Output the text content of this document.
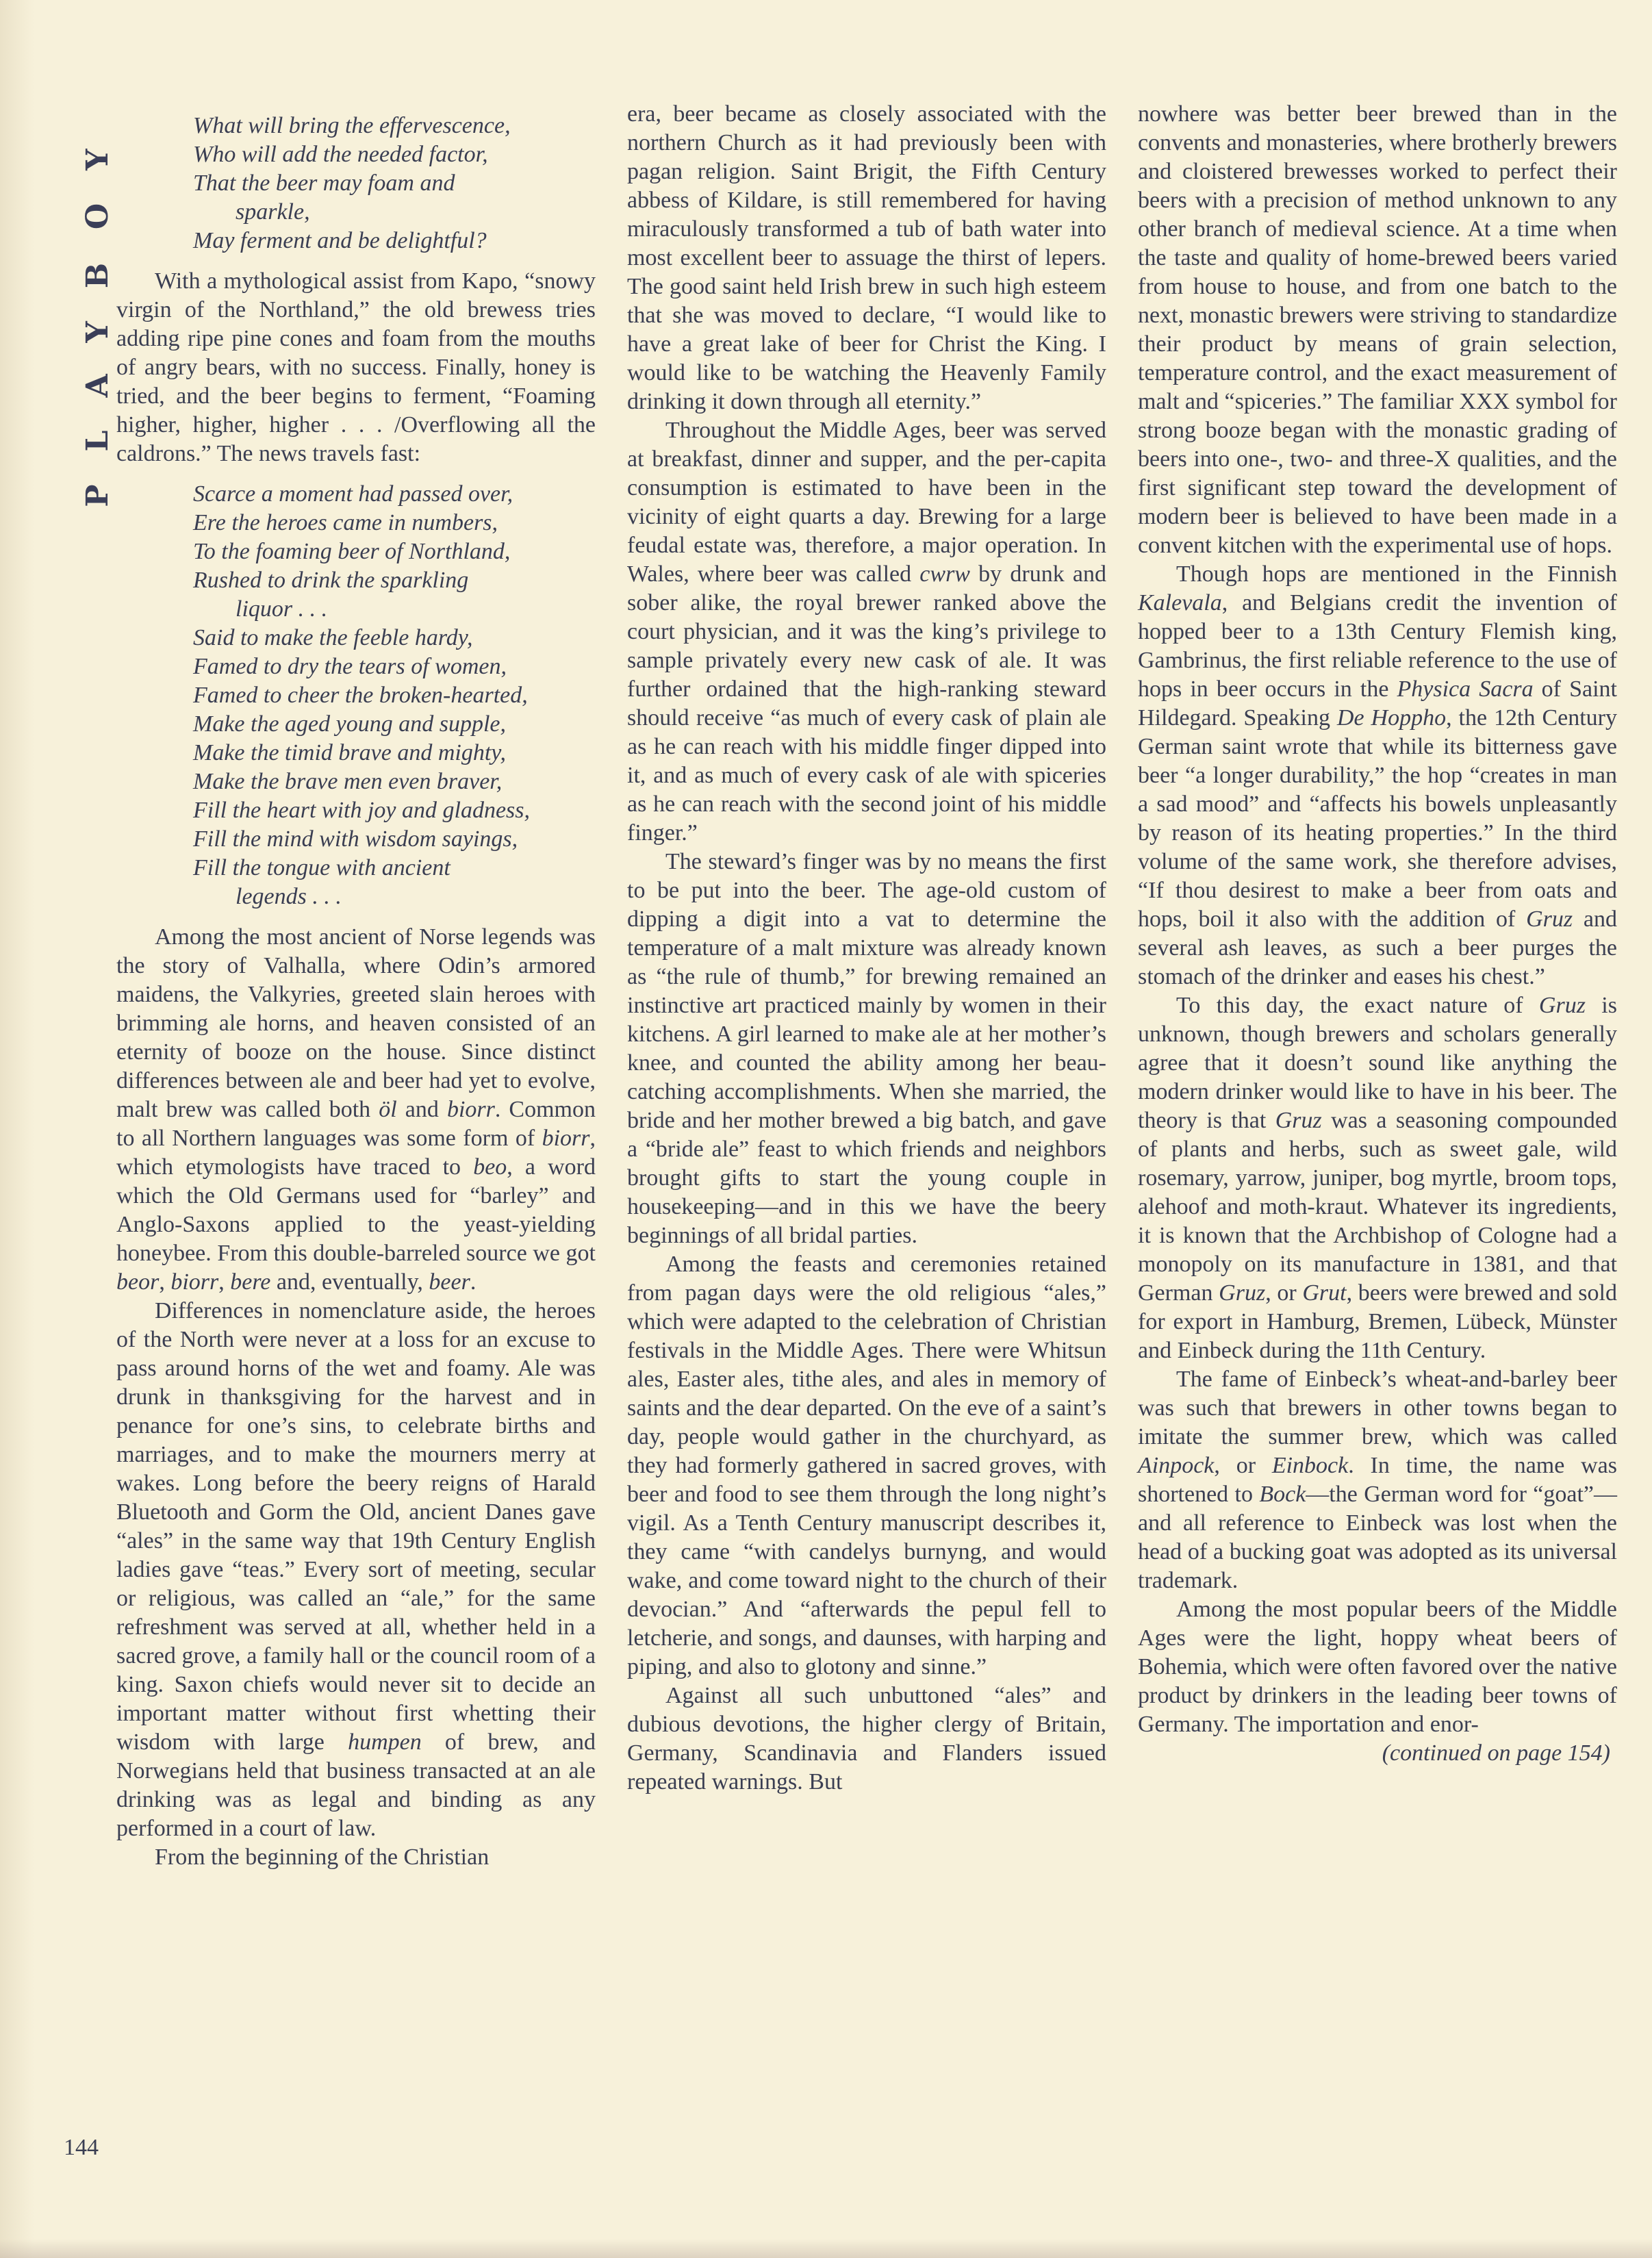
PLAYBOY	What will bring the effervescence,
Who will add the needed factor,
That the beer may foam and
sparkle,
May ferment and be delightful?

With a mythological assist from Kapo, “snowy virgin of the Northland,” the old brewess tries adding ripe pine cones and foam from the mouths of angry bears, with no success. Finally, honey is tried, and the beer begins to ferment, “Foaming higher, higher, higher . . . /Overflowing all the caldrons.” The news travels fast:

Scarce a moment had passed over,
Ere the heroes came in numbers,
To the foaming beer of Northland,
Rushed to drink the sparkling
liquor . . .
Said to make the feeble hardy,
Famed to dry the tears of women,
Famed to cheer the broken-hearted,
Make the aged young and supple,
Make the timid brave and mighty,
Make the brave men even braver,
Fill the heart with joy and gladness,
Fill the mind with wisdom sayings,
Fill the tongue with ancient
legends . . .

Among the most ancient of Norse legends was the story of Valhalla, where Odin’s armored maidens, the Valkyries, greeted slain heroes with brimming ale horns, and heaven consisted of an eternity of booze on the house. Since distinct differences between ale and beer had yet to evolve, malt brew was called both öl and biorr. Common to all Northern languages was some form of biorr, which etymologists have traced to beo, a word which the Old Germans used for “barley” and Anglo-Saxons applied to the yeast-yielding honeybee. From this double-barreled source we got beor, biorr, bere and, eventually, beer.

Differences in nomenclature aside, the heroes of the North were never at a loss for an excuse to pass around horns of the wet and foamy. Ale was drunk in thanksgiving for the harvest and in penance for one’s sins, to celebrate births and marriages, and to make the mourners merry at wakes. Long before the beery reigns of Harald Bluetooth and Gorm the Old, ancient Danes gave “ales” in the same way that 19th Century English ladies gave “teas.” Every sort of meeting, secular or religious, was called an “ale,” for the same refreshment was served at all, whether held in a sacred grove, a family hall or the council room of a king. Saxon chiefs would never sit to decide an important matter without first whetting their wisdom with large humpen of brew, and Norwegians held that business transacted at an ale drinking was as legal and binding as any performed in a court of law.

From the beginning of the Christian

era, beer became as closely associated with the northern Church as it had previously been with pagan religion. Saint Brigit, the Fifth Century abbess of Kildare, is still remembered for having miraculously transformed a tub of bath water into most excellent beer to assuage the thirst of lepers. The good saint held Irish brew in such high esteem that she was moved to declare, “I would like to have a great lake of beer for Christ the King. I would like to be watching the Heavenly Family drinking it down through all eternity.”

Throughout the Middle Ages, beer was served at breakfast, dinner and supper, and the per-capita consumption is estimated to have been in the vicinity of eight quarts a day. Brewing for a large feudal estate was, therefore, a major operation. In Wales, where beer was called cwrw by drunk and sober alike, the royal brewer ranked above the court physician, and it was the king’s privilege to sample privately every new cask of ale. It was further ordained that the high-ranking steward should receive “as much of every cask of plain ale as he can reach with his middle finger dipped into it, and as much of every cask of ale with spiceries as he can reach with the second joint of his middle finger.”

The steward’s finger was by no means the first to be put into the beer. The age-old custom of dipping a digit into a vat to determine the temperature of a malt mixture was already known as “the rule of thumb,” for brewing remained an instinctive art practiced mainly by women in their kitchens. A girl learned to make ale at her mother’s knee, and counted the ability among her beau-catching accomplishments. When she married, the bride and her mother brewed a big batch, and gave a “bride ale” feast to which friends and neighbors brought gifts to start the young couple in housekeeping—and in this we have the beery beginnings of all bridal parties.

Among the feasts and ceremonies retained from pagan days were the old religious “ales,” which were adapted to the celebration of Christian festivals in the Middle Ages. There were Whitsun ales, Easter ales, tithe ales, and ales in memory of saints and the dear departed. On the eve of a saint’s day, people would gather in the churchyard, as they had formerly gathered in sacred groves, with beer and food to see them through the long night’s vigil. As a Tenth Century manuscript describes it, they came “with candelys burnyng, and would wake, and come toward night to the church of their devocian.” And “afterwards the pepul fell to letcherie, and songs, and daunses, with harping and piping, and also to glotony and sinne.”

Against all such unbuttoned “ales” and dubious devotions, the higher clergy of Britain, Germany, Scandinavia and Flanders issued repeated warnings. But

nowhere was better beer brewed than in the convents and monasteries, where brotherly brewers and cloistered brewesses worked to perfect their beers with a precision of method unknown to any other branch of medieval science. At a time when the taste and quality of home-brewed beers varied from house to house, and from one batch to the next, monastic brewers were striving to standardize their product by means of grain selection, temperature control, and the exact measurement of malt and “spiceries.” The familiar XXX symbol for strong booze began with the monastic grading of beers into one-, two- and three-X qualities, and the first significant step toward the development of modern beer is believed to have been made in a convent kitchen with the experimental use of hops.

Though hops are mentioned in the Finnish Kalevala, and Belgians credit the invention of hopped beer to a 13th Century Flemish king, Gambrinus, the first reliable reference to the use of hops in beer occurs in the Physica Sacra of Saint Hildegard. Speaking De Hoppho, the 12th Century German saint wrote that while its bitterness gave beer “a longer durability,” the hop “creates in man a sad mood” and “affects his bowels unpleasantly by reason of its heating properties.” In the third volume of the same work, she therefore advises, “If thou desirest to make a beer from oats and hops, boil it also with the addition of Gruz and several ash leaves, as such a beer purges the stomach of the drinker and eases his chest.”

To this day, the exact nature of Gruz is unknown, though brewers and scholars generally agree that it doesn’t sound like anything the modern drinker would like to have in his beer. The theory is that Gruz was a seasoning compounded of plants and herbs, such as sweet gale, wild rosemary, yarrow, juniper, bog myrtle, broom tops, alehoof and moth-kraut. Whatever its ingredients, it is known that the Archbishop of Cologne had a monopoly on its manufacture in 1381, and that German Gruz, or Grut, beers were brewed and sold for export in Hamburg, Bremen, Lübeck, Münster and Einbeck during the 11th Century.

The fame of Einbeck’s wheat-and-barley beer was such that brewers in other towns began to imitate the summer brew, which was called Ainpock, or Einbock. In time, the name was shortened to Bock—the German word for “goat”—and all reference to Einbeck was lost when the head of a bucking goat was adopted as its universal trademark.

Among the most popular beers of the Middle Ages were the light, hoppy wheat beers of Bohemia, which were often favored over the native product by drinkers in the leading beer towns of Germany. The importation and enor-

(continued on page 154)

144
